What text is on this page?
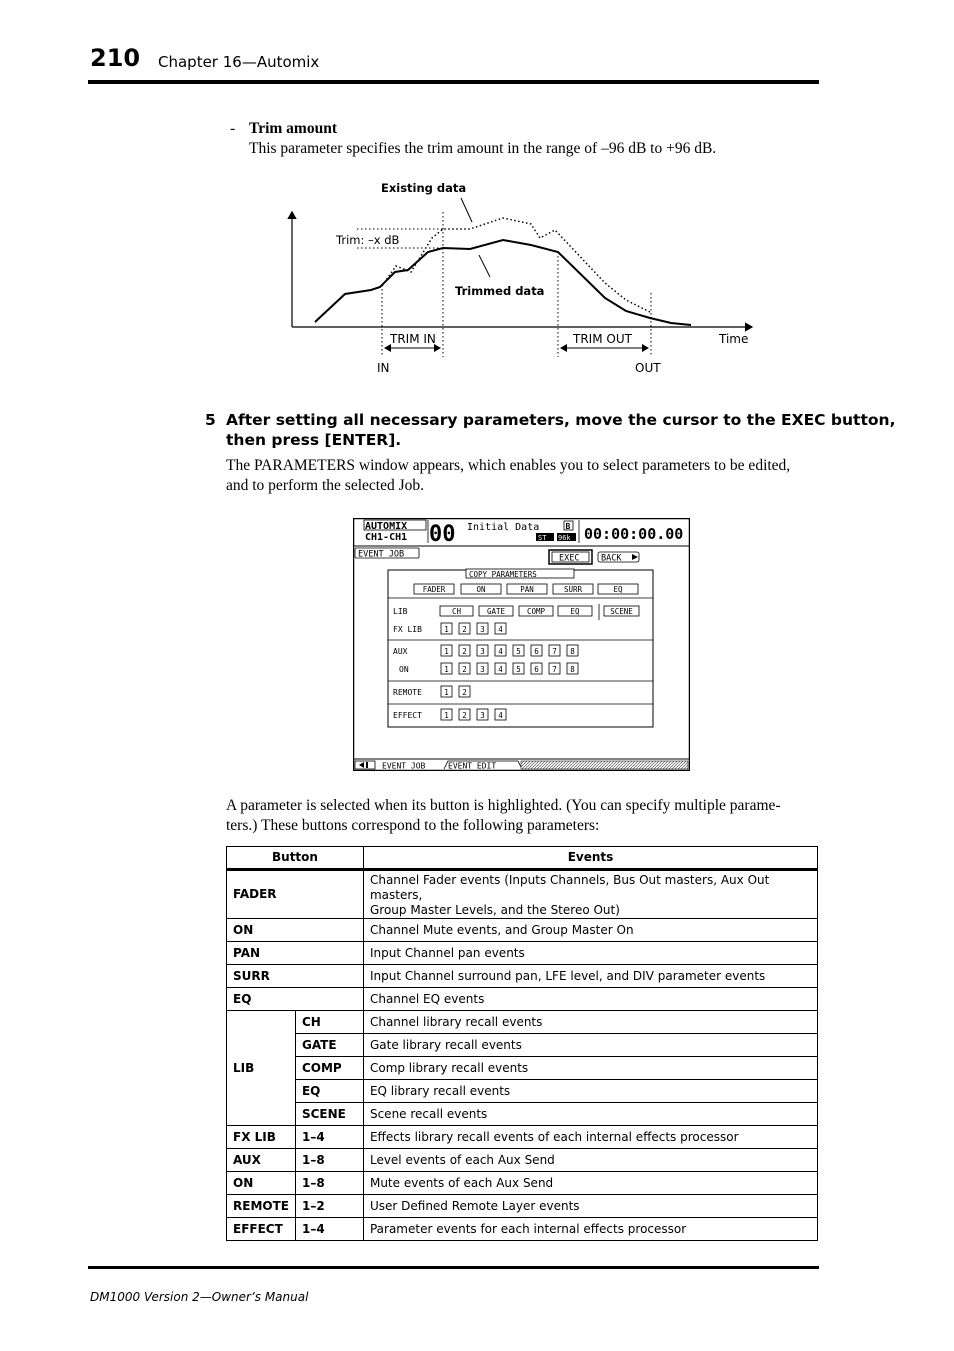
210 Chapter 16—Automix
- Trim amount
This parameter specifies the trim amount in the range of –96 dB to +96 dB.
Existing data
Trim: –x dB
Trimmed data
TRIM IN	TRIM OUT	Time
IN	OUT
5 After setting all necessary parameters, move the cursor to the EXEC button,
then press [ENTER].
The PARAMETERS window appears, which enables you to select parameters to be edited,
and to perform the selected Job.
AUTOMIX
CH1-CH1 00 Initial Data	B
ST 96k 00:00:00.00
EVENT JOB	EXEC	BACK
COPY PARAMETERS
FADER	ON	PAN	SURR	EQ
LIB	CH	GATE	COMP	EQ	SCENE
FX LIB	1 2 3 4
AUX	1 2 3 4 5 6 7 8
ON	1 2 3 4 5 6 7 8
REMOTE	1 2
EFFECT	1 2 3 4
EVENT JOB	EVENT EDIT
A parameter is selected when its button is highlighted. (You can specify multiple parame-
ters.) These buttons correspond to the following parameters:
Button		Events
FADER		Channel Fader events (Inputs Channels, Bus Out masters, Aux Out masters,
Group Master Levels, and the Stereo Out)

ON		Channel Mute events, and Group Master On
PAN		Input Channel pan events
SURR		Input Channel surround pan, LFE level, and DIV parameter events
EQ		Channel EQ events
LIB	CH	Channel library recall events
	GATE	Gate library recall events
	COMP	Comp library recall events
	EQ	EQ library recall events
	SCENE	Scene recall events
FX LIB	1–4	Effects library recall events of each internal effects processor
AUX	1–8	Level events of each Aux Send
ON	1–8	Mute events of each Aux Send
REMOTE	1–2	User Defined Remote Layer events
EFFECT	1–4	Parameter events for each internal effects processor
DM1000 Version 2—Owner’s Manual
